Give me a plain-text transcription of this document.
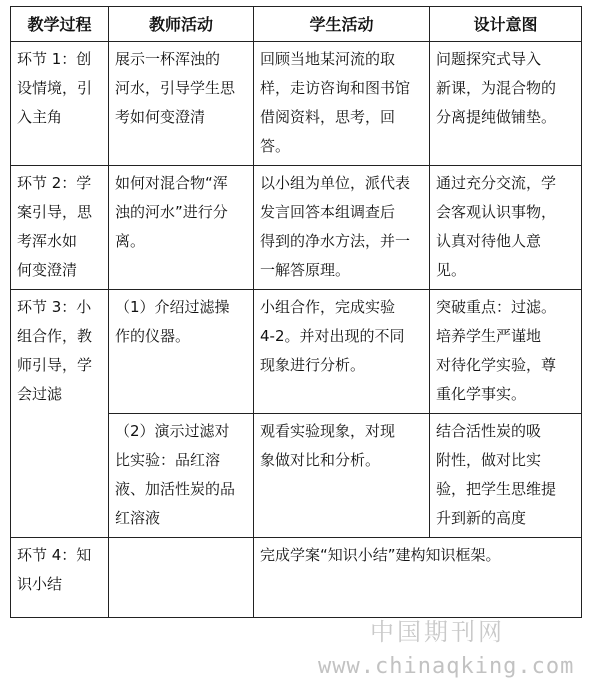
教学过程	教师活动	学生活动	设计意图
环节 1：创
设情境，引
入主角	展示一杯浑浊的
河水，引导学生思
考如何变澄清	回顾当地某河流的取
样，走访咨询和图书馆
借阅资料，思考，回答。	问题探究式导入
新课，为混合物的
分离提纯做铺垫。
环节 2：学
案引导，思
考浑水如
何变澄清	如何对混合物“浑
浊的河水”进行分
离。	以小组为单位，派代表
发言回答本组调查后
得到的净水方法，并一
一解答原理。	通过充分交流，学
会客观认识事物，
认真对待他人意
见。
环节 3：小
组合作，教
师引导，学
会过滤	（1）介绍过滤操
作的仪器。	小组合作，完成实验
4-2。并对出现的不同
现象进行分析。	突破重点：过滤。
培养学生严谨地
对待化学实验，尊
重化学事实。
	（2）演示过滤对
比实验：品红溶
液、加活性炭的品
红溶液	观看实验现象，对现
象做对比和分析。	结合活性炭的吸
附性，做对比实
验，把学生思维提
升到新的高度
环节 4：知
识小结		完成学案“知识小结”建构知识框架。	
中国期刊网
www.chinaqking.com
